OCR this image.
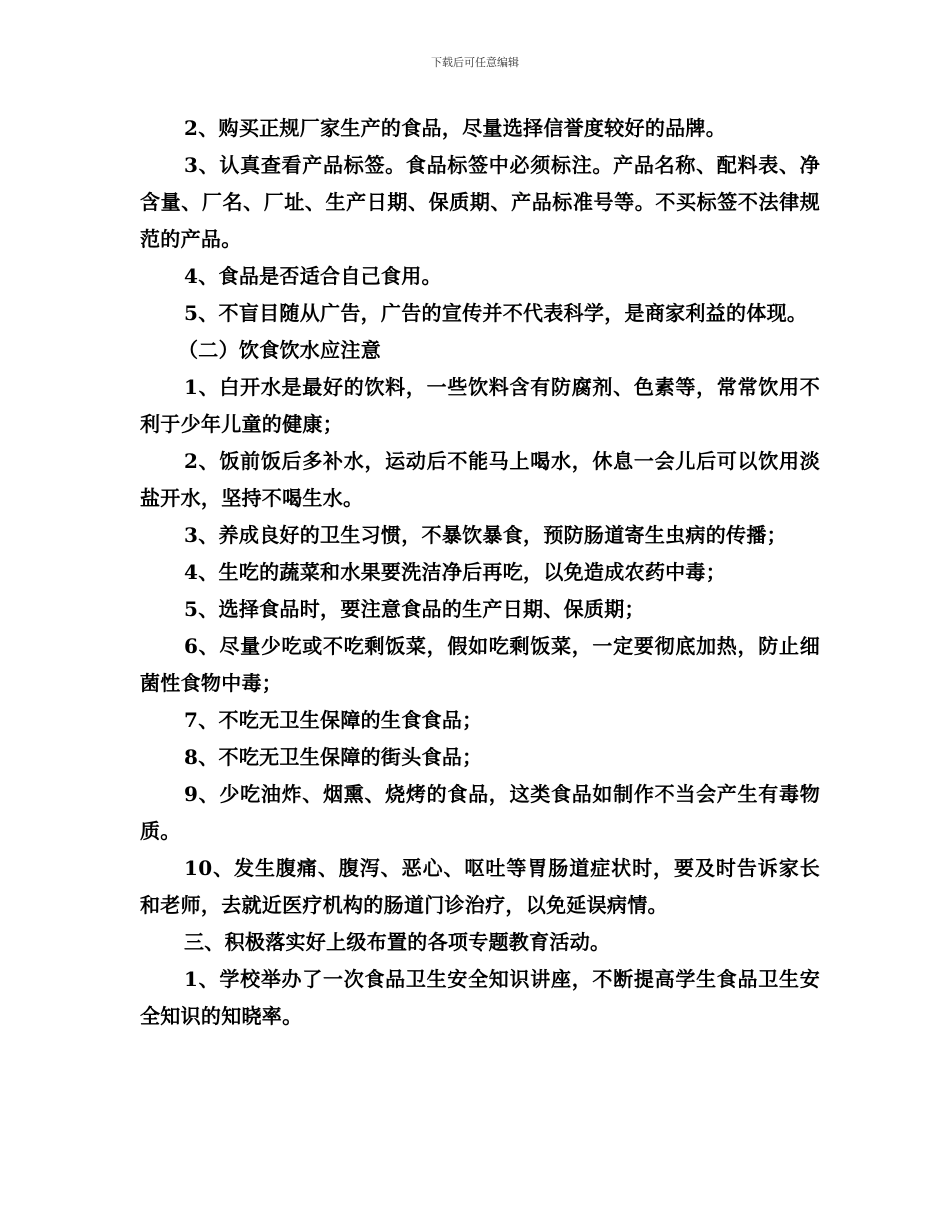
下载后可任意编辑

2、购买正规厂家生产的食品，尽量选择信誉度较好的品牌。

3、认真查看产品标签。食品标签中必须标注。产品名称、配料表、净含量、厂名、厂址、生产日期、保质期、产品标准号等。不买标签不法律规范的产品。

4、食品是否适合自己食用。

5、不盲目随从广告，广告的宣传并不代表科学，是商家利益的体现。

（二）饮食饮水应注意

1、白开水是最好的饮料，一些饮料含有防腐剂、色素等，常常饮用不利于少年儿童的健康；

2、饭前饭后多补水，运动后不能马上喝水，休息一会儿后可以饮用淡盐开水，坚持不喝生水。

3、养成良好的卫生习惯，不暴饮暴食，预防肠道寄生虫病的传播；

4、生吃的蔬菜和水果要洗洁净后再吃，以免造成农药中毒；

5、选择食品时，要注意食品的生产日期、保质期；

6、尽量少吃或不吃剩饭菜，假如吃剩饭菜，一定要彻底加热，防止细菌性食物中毒；

7、不吃无卫生保障的生食食品；

8、不吃无卫生保障的街头食品；

9、少吃油炸、烟熏、烧烤的食品，这类食品如制作不当会产生有毒物质。

10、发生腹痛、腹泻、恶心、呕吐等胃肠道症状时，要及时告诉家长和老师，去就近医疗机构的肠道门诊治疗，以免延误病情。

三、积极落实好上级布置的各项专题教育活动。

1、学校举办了一次食品卫生安全知识讲座，不断提高学生食品卫生安全知识的知晓率。
